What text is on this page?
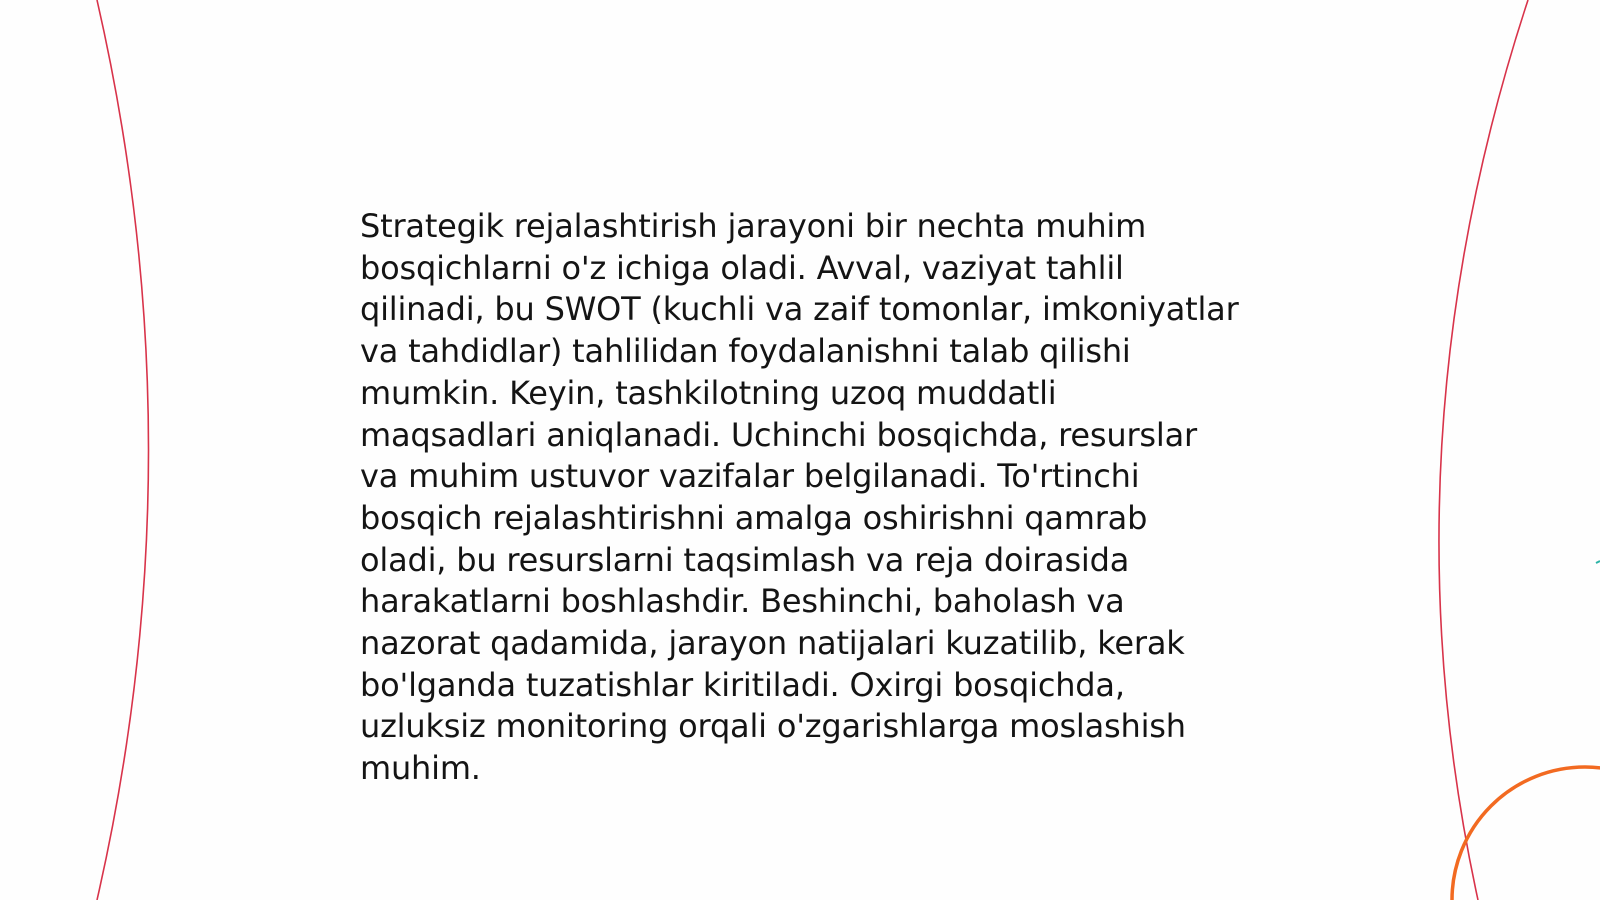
Strategik rejalashtirish jarayoni bir nechta muhim bosqichlarni o'z ichiga oladi. Avval, vaziyat tahlil qilinadi, bu SWOT (kuchli va zaif tomonlar, imkoniyatlar va tahdidlar) tahlilidan foydalanishni talab qilishi mumkin. Keyin, tashkilotning uzoq muddatli maqsadlari aniqlanadi. Uchinchi bosqichda, resurslar va muhim ustuvor vazifalar belgilanadi. To'rtinchi bosqich rejalashtirishni amalga oshirishni qamrab oladi, bu resurslarni taqsimlash va reja doirasida harakatlarni boshlashdir. Beshinchi, baholash va nazorat qadamida, jarayon natijalari kuzatilib, kerak bo'lganda tuzatishlar kiritiladi. Oxirgi bosqichda, uzluksiz monitoring orqali o'zgarishlarga moslashish muhim.
